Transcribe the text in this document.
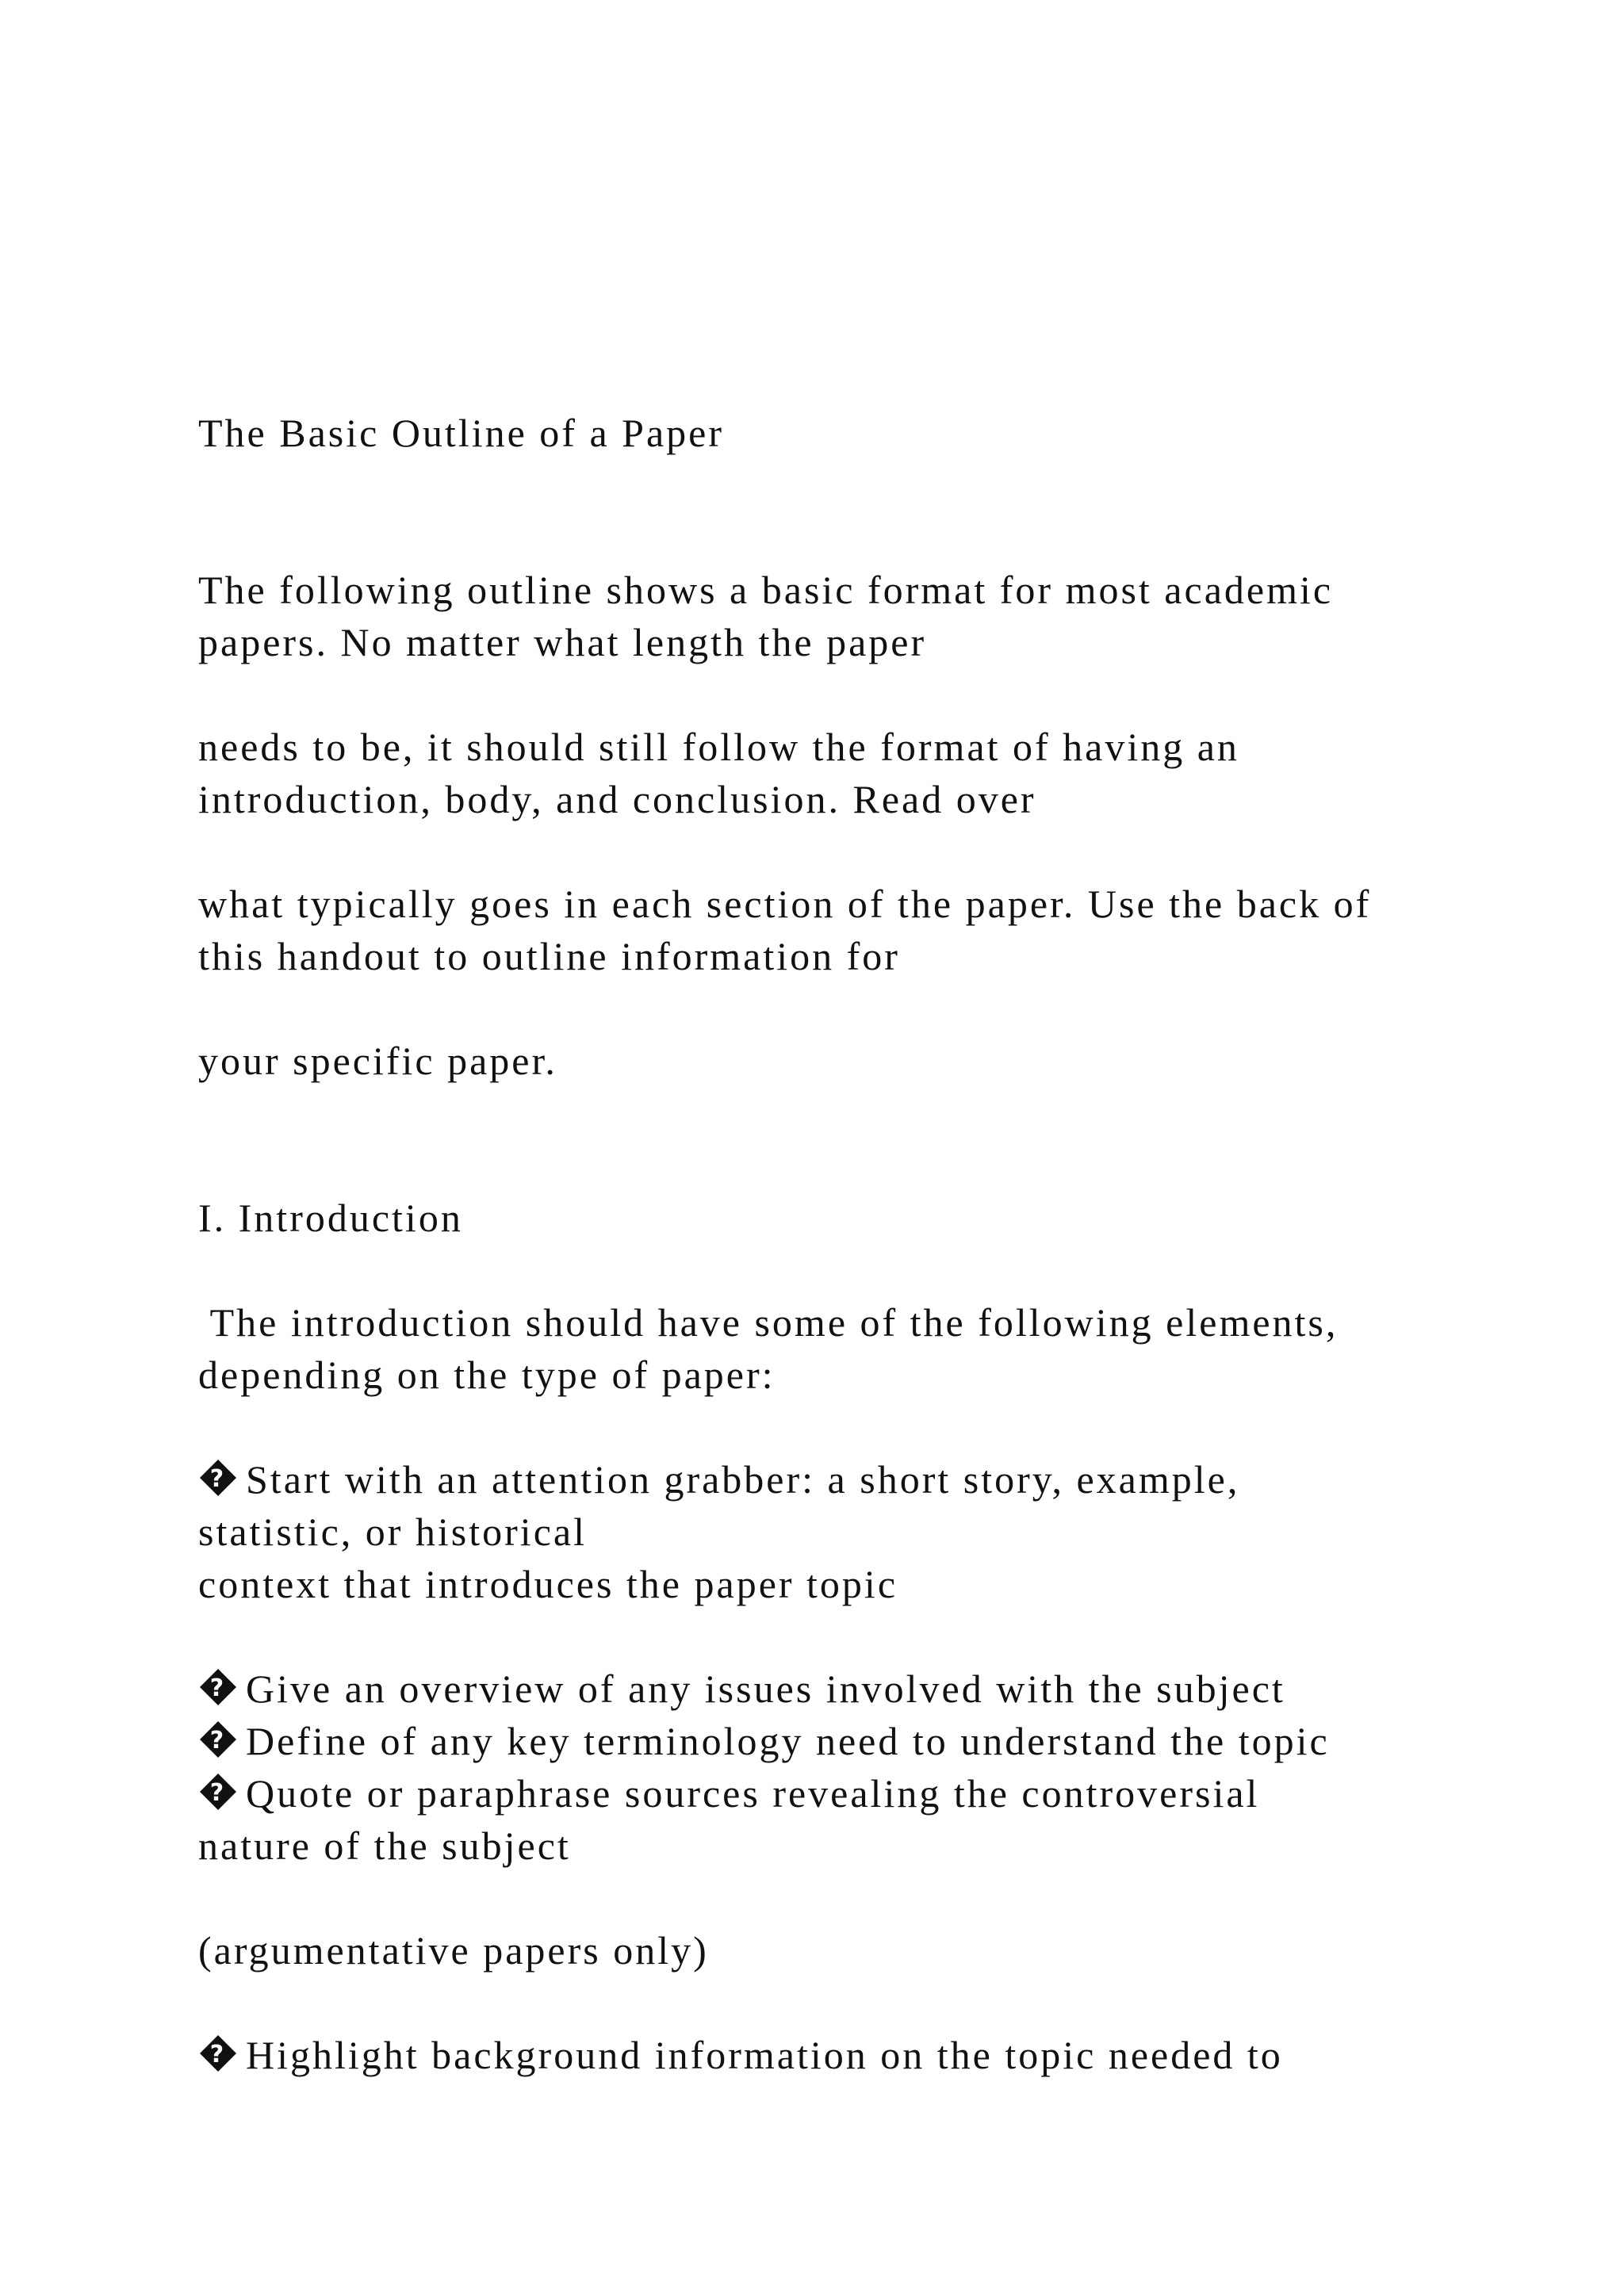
The Basic Outline of a Paper

The following outline shows a basic format for most academic

papers. No matter what length the paper

needs to be, it should still follow the format of having an

introduction, body, and conclusion. Read over

what typically goes in each section of the paper. Use the back of

this handout to outline information for

your specific paper.

I. Introduction

The introduction should have some of the following elements,

depending on the type of paper:

? Start with an attention grabber: a short story, example,

statistic, or historical

context that introduces the paper topic

? Give an overview of any issues involved with the subject

? Define of any key terminology need to understand the topic

? Quote or paraphrase sources revealing the controversial

nature of the subject

(argumentative papers only)

? Highlight background information on the topic needed to
